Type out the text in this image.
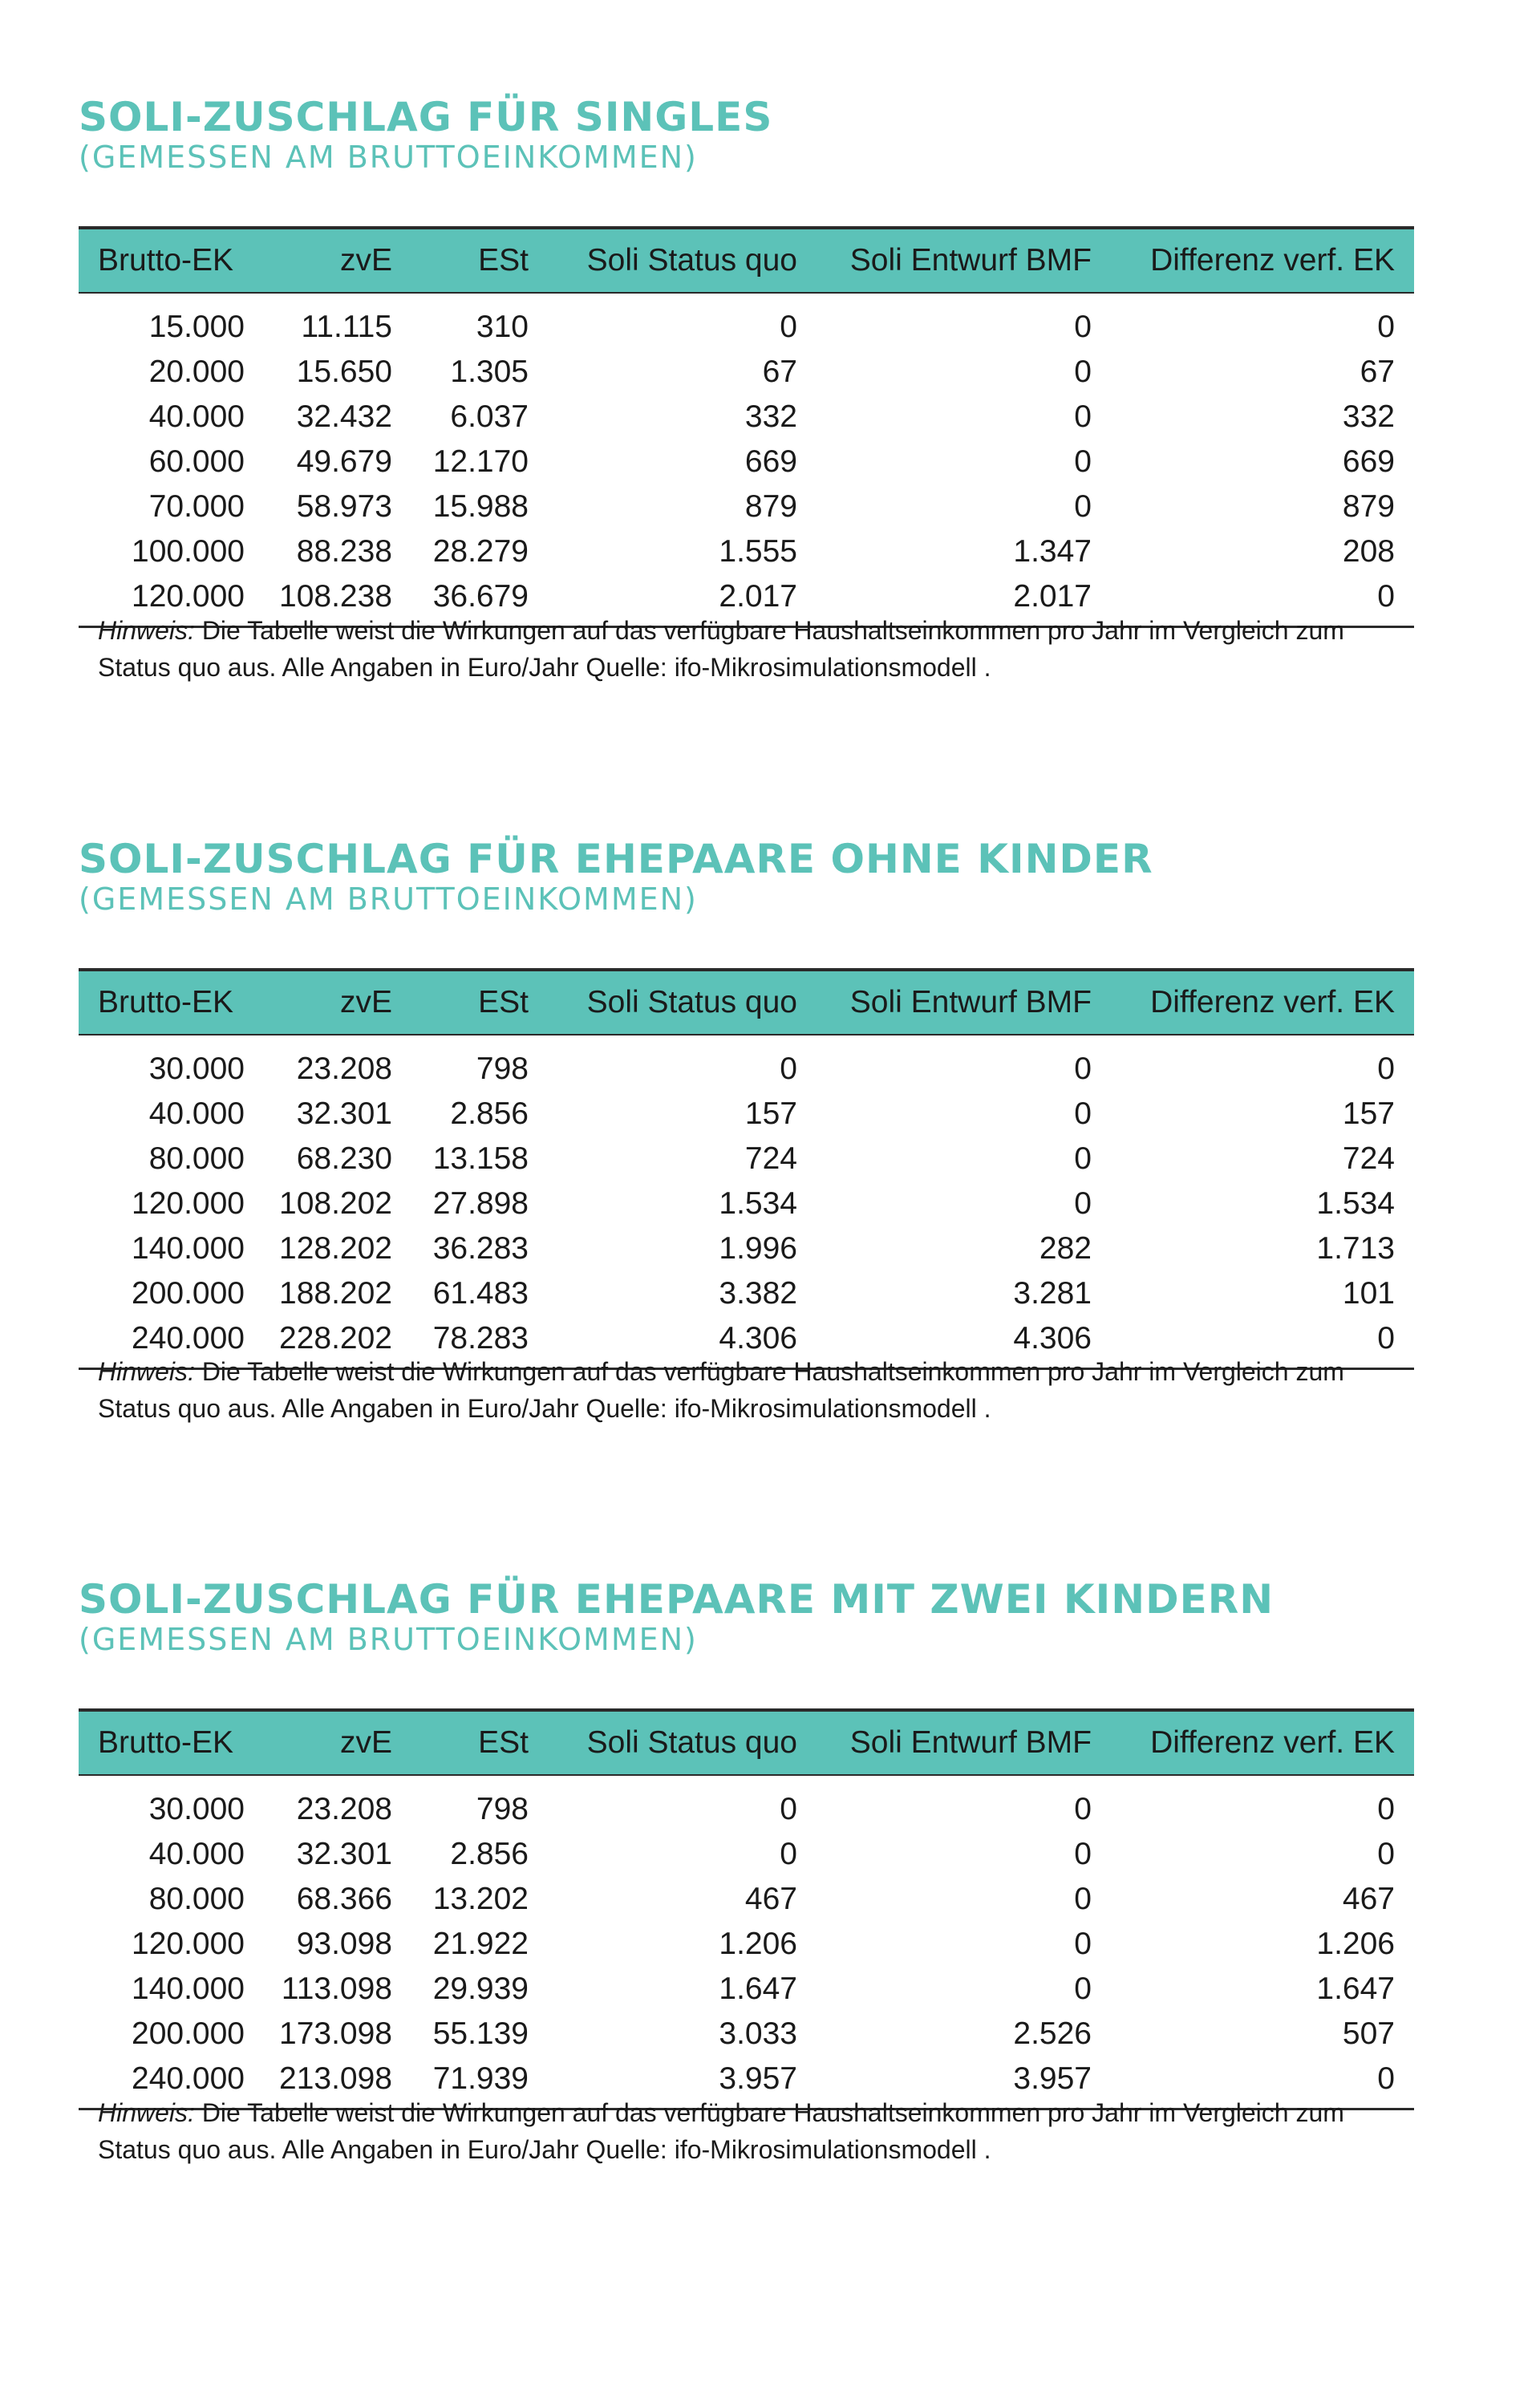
SOLI-ZUSCHLAG FÜR SINGLES
(GEMESSEN AM BRUTTOEINKOMMEN)
Brutto-EK	zvE	ESt	Soli Status quo	Soli Entwurf BMF	Differenz verf. EK
15.000	11.115	310	0	0	0
20.000	15.650	1.305	67	0	67
40.000	32.432	6.037	332	0	332
60.000	49.679	12.170	669	0	669
70.000	58.973	15.988	879	0	879
100.000	88.238	28.279	1.555	1.347	208
120.000	108.238	36.679	2.017	2.017	0
Hinweis: Die Tabelle weist die Wirkungen auf das verfügbare Haushaltseinkommen pro Jahr im Vergleich zum Status quo aus. Alle Angaben in Euro/Jahr Quelle: ifo-Mikrosimulationsmodell .
SOLI-ZUSCHLAG FÜR EHEPAARE OHNE KINDER
(GEMESSEN AM BRUTTOEINKOMMEN)
Brutto-EK	zvE	ESt	Soli Status quo	Soli Entwurf BMF	Differenz verf. EK
30.000	23.208	798	0	0	0
40.000	32.301	2.856	157	0	157
80.000	68.230	13.158	724	0	724
120.000	108.202	27.898	1.534	0	1.534
140.000	128.202	36.283	1.996	282	1.713
200.000	188.202	61.483	3.382	3.281	101
240.000	228.202	78.283	4.306	4.306	0
Hinweis: Die Tabelle weist die Wirkungen auf das verfügbare Haushaltseinkommen pro Jahr im Vergleich zum Status quo aus. Alle Angaben in Euro/Jahr Quelle: ifo-Mikrosimulationsmodell .
SOLI-ZUSCHLAG FÜR EHEPAARE MIT ZWEI KINDERN
(GEMESSEN AM BRUTTOEINKOMMEN)
Brutto-EK	zvE	ESt	Soli Status quo	Soli Entwurf BMF	Differenz verf. EK
30.000	23.208	798	0	0	0
40.000	32.301	2.856	0	0	0
80.000	68.366	13.202	467	0	467
120.000	93.098	21.922	1.206	0	1.206
140.000	113.098	29.939	1.647	0	1.647
200.000	173.098	55.139	3.033	2.526	507
240.000	213.098	71.939	3.957	3.957	0
Hinweis: Die Tabelle weist die Wirkungen auf das verfügbare Haushaltseinkommen pro Jahr im Vergleich zum Status quo aus. Alle Angaben in Euro/Jahr Quelle: ifo-Mikrosimulationsmodell .
